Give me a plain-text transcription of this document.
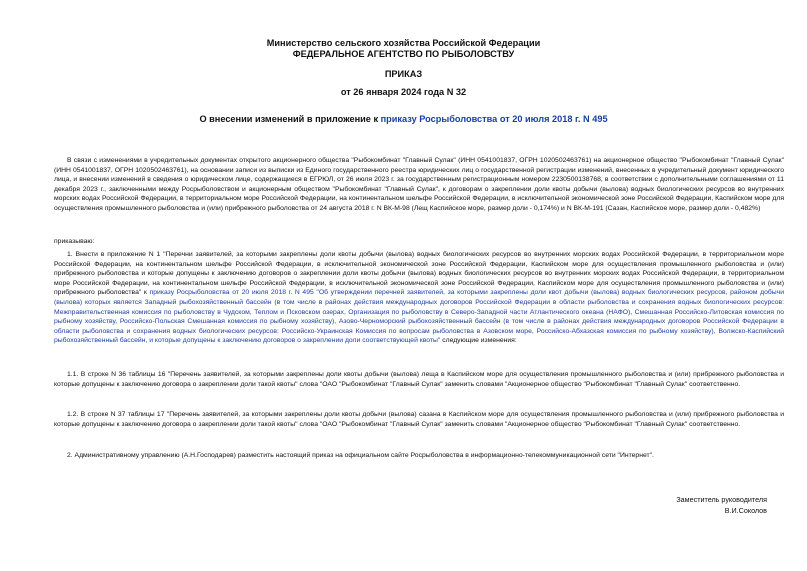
Министерство сельского хозяйства Российской Федерации
ФЕДЕРАЛЬНОЕ АГЕНТСТВО ПО РЫБОЛОВСТВУ
ПРИКАЗ
от 26 января 2024 года N 32
О внесении изменений в приложение к приказу Росрыболовства от 20 июля 2018 г. N 495

В связи с изменениями в учредительных документах открытого акционерного общества "Рыбокомбинат "Главный Сулак" (ИНН 0541001837, ОГРН 1020502463761) на акционерное общество "Рыбокомбинат "Главный Сулак" (ИНН 0541001837, ОГРН 1020502463761), на основании записи из выписки из Единого государственного реестра юридических лиц о государственной регистрации изменений, внесенных в учредительный документ юридического лица, и внесении изменений в сведения о юридическом лице, содержащиеся в ЕГРЮЛ, от 26 июля 2023 г. за государственным регистрационным номером 2230500138768, в соответствии с дополнительными соглашениями от 11 декабря 2023 г., заключенными между Росрыболовством и акционерным обществом "Рыбокомбинат "Главный Сулак", к договорам о закреплении доли квоты добычи (вылова) водных биологических ресурсов во внутренних морских водах Российской Федерации, в территориальном море Российской Федерации, на континентальном шельфе Российской Федерации, в исключительной экономической зоне Российской Федерации, Каспийском море для осуществления промышленного рыболовства и (или) прибрежного рыболовства от 24 августа 2018 г. N ВК-М-98 (Лещ Каспийское море, размер доли - 0,174%) и N ВК-М-191 (Сазан, Каспийское море, размер доли - 0,482%)

приказываю:

1. Внести в приложение N 1 "Перечни заявителей, за которыми закреплены доли квоты добычи (вылова) водных биологических ресурсов во внутренних морских водах Российской Федерации, в территориальном море Российской Федерации, на континентальном шельфе Российской Федерации, в исключительной экономической зоне Российской Федерации, Каспийском море для осуществления промышленного рыболовства и (или) прибрежного рыболовства и которые допущены к заключению договоров о закреплении доли квоты добычи (вылова) водных биологических ресурсов во внутренних морских водах Российской Федерации, в территориальном море Российской Федерации, на континентальном шельфе Российской Федерации, в исключительной экономической зоне Российской Федерации, Каспийском море для осуществления промышленного рыболовства и (или) прибрежного рыболовства" к приказу Росрыболовства от 20 июля 2018 г. N 495 "Об утверждении перечней заявителей, за которыми закреплены доли квот добычи (вылова) водных биологических ресурсов, районом добычи (вылова) которых является Западный рыбохозяйственный бассейн (в том числе в районах действия международных договоров Российской Федерации в области рыболовства и сохранения водных биологических ресурсов: Межправительственная комиссия по рыболовству в Чудском, Теплом и Псковском озерах, Организация по рыболовству в Северо-Западной части Атлантического океана (НАФО), Смешанная Российско-Литовская комиссия по рыбному хозяйству, Российско-Польская Смешанная комиссия по рыбному хозяйству), Азово-Черноморский рыбохозяйственный бассейн (в том числе в районах действия международных договоров Российской Федерации в области рыболовства и сохранения водных биологических ресурсов: Российско-Украинская Комиссия по вопросам рыболовства в Азовском море, Российско-Абхазская комиссия по рыбному хозяйству), Волжско-Каспийский рыбохозяйственный бассейн, и которые допущены к заключению договоров о закреплении доли соответствующей квоты" следующие изменения:

1.1. В строке N 36 таблицы 16 "Перечень заявителей, за которыми закреплены доли квоты добычи (вылова) леща в Каспийском море для осуществления промышленного рыболовства и (или) прибрежного рыболовства и которые допущены к заключению договора о закреплении доли такой квоты" слова "ОАО "Рыбокомбинат "Главный Сулак" заменить словами "Акционерное общество "Рыбокомбинат "Главный Сулак" соответственно.

1.2. В строке N 37 таблицы 17 "Перечень заявителей, за которыми закреплены доли квоты добычи (вылова) сазана в Каспийском море для осуществления промышленного рыболовства и (или) прибрежного рыболовства и которые допущены к заключению договора о закреплении доли такой квоты" слова "ОАО "Рыбокомбинат "Главный Сулак" заменить словами "Акционерное общество "Рыбокомбинат "Главный Сулак" соответственно.

2. Административному управлению (А.Н.Господарев) разместить настоящий приказ на официальном сайте Росрыболовства в информационно-телекоммуникационной сети "Интернет".

Заместитель руководителя
В.И.Соколов
